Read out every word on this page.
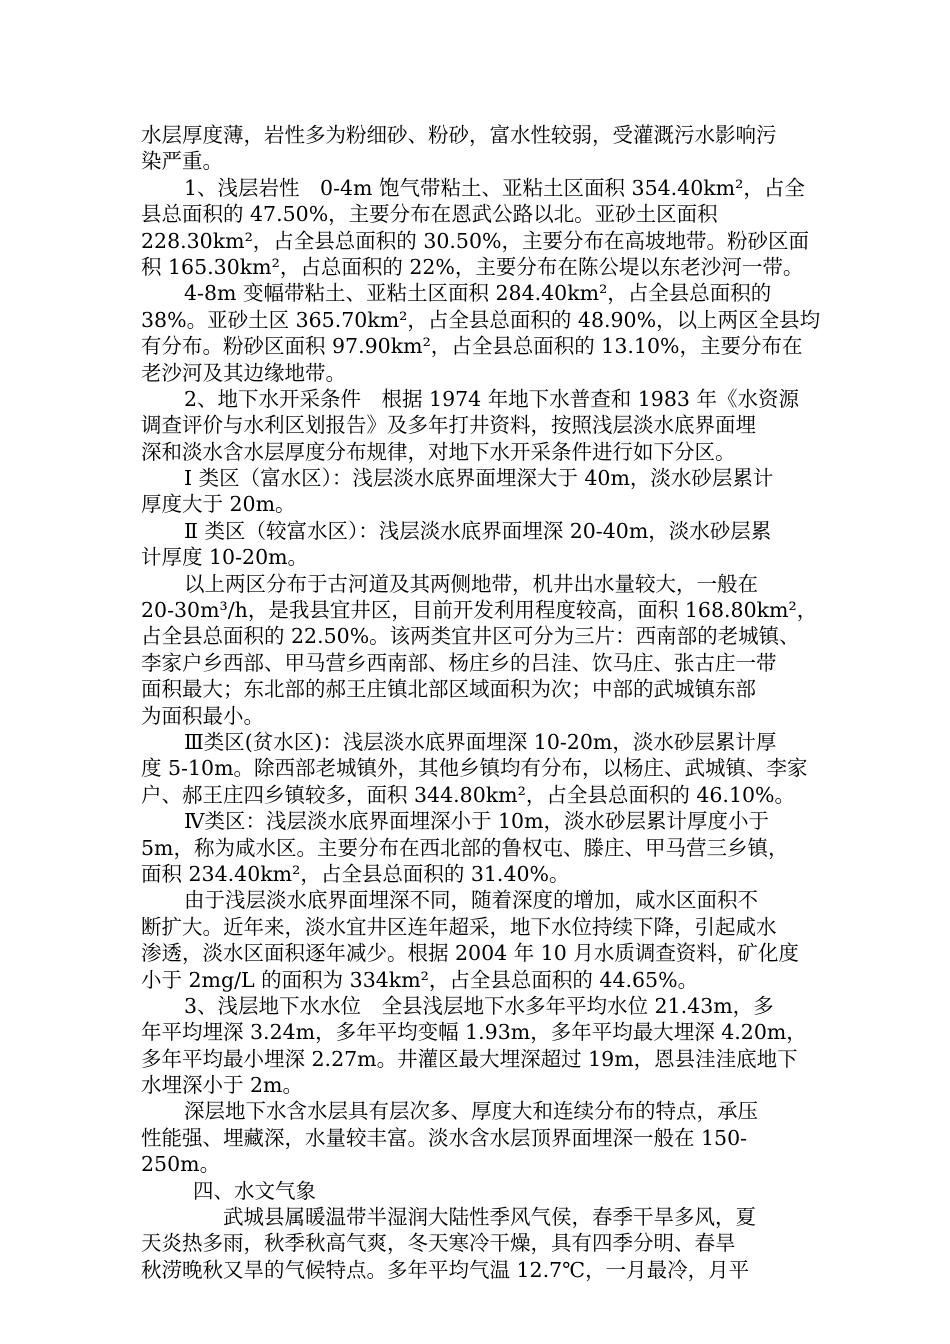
水层厚度薄，岩性多为粉细砂、粉砂，富水性较弱，受灌溉污水影响污
染严重。
1、浅层岩性　0-4m 饱气带粘土、亚粘土区面积 354.40km²，占全
县总面积的 47.50%，主要分布在恩武公路以北。亚砂土区面积
228.30km²，占全县总面积的 30.50%，主要分布在高坡地带。粉砂区面
积 165.30km²，占总面积的 22%，主要分布在陈公堤以东老沙河一带。
4-8m 变幅带粘土、亚粘土区面积 284.40km²，占全县总面积的
38%。亚砂土区 365.70km²，占全县总面积的 48.90%，以上两区全县均
有分布。粉砂区面积 97.90km²，占全县总面积的 13.10%，主要分布在
老沙河及其边缘地带。
2、地下水开采条件　根据 1974 年地下水普查和 1983 年《水资源
调查评价与水利区划报告》及多年打井资料，按照浅层淡水底界面埋
深和淡水含水层厚度分布规律，对地下水开采条件进行如下分区。
Ⅰ 类区（富水区）：浅层淡水底界面埋深大于 40m，淡水砂层累计
厚度大于 20m。
Ⅱ 类区（较富水区）：浅层淡水底界面埋深 20-40m，淡水砂层累
计厚度 10-20m。
以上两区分布于古河道及其两侧地带，机井出水量较大，一般在
20-30m³/h，是我县宜井区，目前开发利用程度较高，面积 168.80km²，
占全县总面积的 22.50%。该两类宜井区可分为三片：西南部的老城镇、
李家户乡西部、甲马营乡西南部、杨庄乡的吕洼、饮马庄、张古庄一带
面积最大；东北部的郝王庄镇北部区域面积为次；中部的武城镇东部
为面积最小。
Ⅲ类区(贫水区)：浅层淡水底界面埋深 10-20m，淡水砂层累计厚
度 5-10m。除西部老城镇外，其他乡镇均有分布，以杨庄、武城镇、李家
户、郝王庄四乡镇较多，面积 344.80km²，占全县总面积的 46.10%。
Ⅳ类区：浅层淡水底界面埋深小于 10m，淡水砂层累计厚度小于
5m，称为咸水区。主要分布在西北部的鲁权屯、滕庄、甲马营三乡镇，
面积 234.40km²，占全县总面积的 31.40%。
由于浅层淡水底界面埋深不同，随着深度的增加，咸水区面积不
断扩大。近年来，淡水宜井区连年超采，地下水位持续下降，引起咸水
渗透，淡水区面积逐年减少。根据 2004 年 10 月水质调查资料，矿化度
小于 2mg/L 的面积为 334km²，占全县总面积的 44.65%。
3、浅层地下水水位　全县浅层地下水多年平均水位 21.43m，多
年平均埋深 3.24m，多年平均变幅 1.93m，多年平均最大埋深 4.20m，
多年平均最小埋深 2.27m。井灌区最大埋深超过 19m，恩县洼洼底地下
水埋深小于 2m。
深层地下水含水层具有层次多、厚度大和连续分布的特点，承压
性能强、埋藏深，水量较丰富。淡水含水层顶界面埋深一般在 150-
250m。
四、水文气象
武城县属暖温带半湿润大陆性季风气侯，春季干旱多风，夏
天炎热多雨，秋季秋高气爽，冬天寒冷干燥，具有四季分明、春旱
秋涝晚秋又旱的气候特点。多年平均气温 12.7℃，一月最冷，月平
